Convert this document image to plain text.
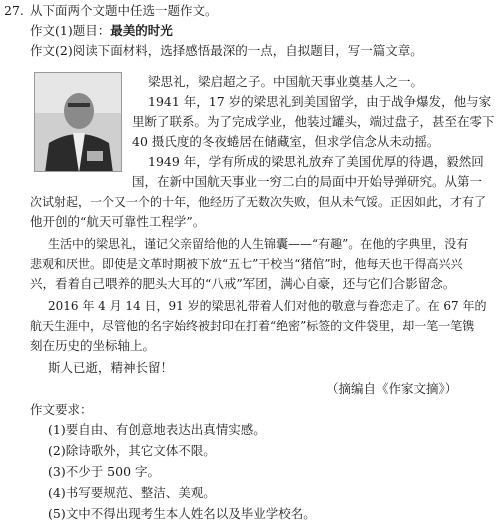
27. 从下面两个文题中任选一题作文。
作文(1)题目：最美的时光
作文(2)阅读下面材料，选择感悟最深的一点，自拟题目，写一篇文章。
梁思礼，梁启超之子。中国航天事业奠基人之一。
1941 年，17 岁的梁思礼到美国留学，由于战争爆发，他与家
里断了联系。为了完成学业，他装过罐头，端过盘子，甚至在零下
40 摄氏度的冬夜蜷居在储藏室，但求学信念从未动摇。
1949 年，学有所成的梁思礼放弃了美国优厚的待遇，毅然回
国，在新中国航天事业一穷二白的局面中开始导弹研究。从第一
次试射起，一个又一个的十年，他经历了无数次失败，但从未气馁。正因如此，才有了
他开创的“航天可靠性工程学”。
生活中的梁思礼，谨记父亲留给他的人生锦囊——“有趣”。在他的字典里，没有
悲观和厌世。即使是文革时期被下放“五七”干校当“猪倌”时，他每天也干得高兴兴
兴，看着自己喂养的肥头大耳的“八戒”军团，满心自豪，还与它们合影留念。
2016 年 4 月 14 日，91 岁的梁思礼带着人们对他的敬意与眷恋走了。在 67 年的
航天生涯中，尽管他的名字始终被封印在打着“绝密”标签的文件袋里，却一笔一笔镌
刻在历史的坐标轴上。
斯人已逝，精神长留！
（摘编自《作家文摘》）
作文要求：
(1)要自由、有创意地表达出真情实感。
(2)除诗歌外，其它文体不限。
(3)不少于 500 字。
(4)书写要规范、整洁、美观。
(5)文中不得出现考生本人姓名以及毕业学校名。
